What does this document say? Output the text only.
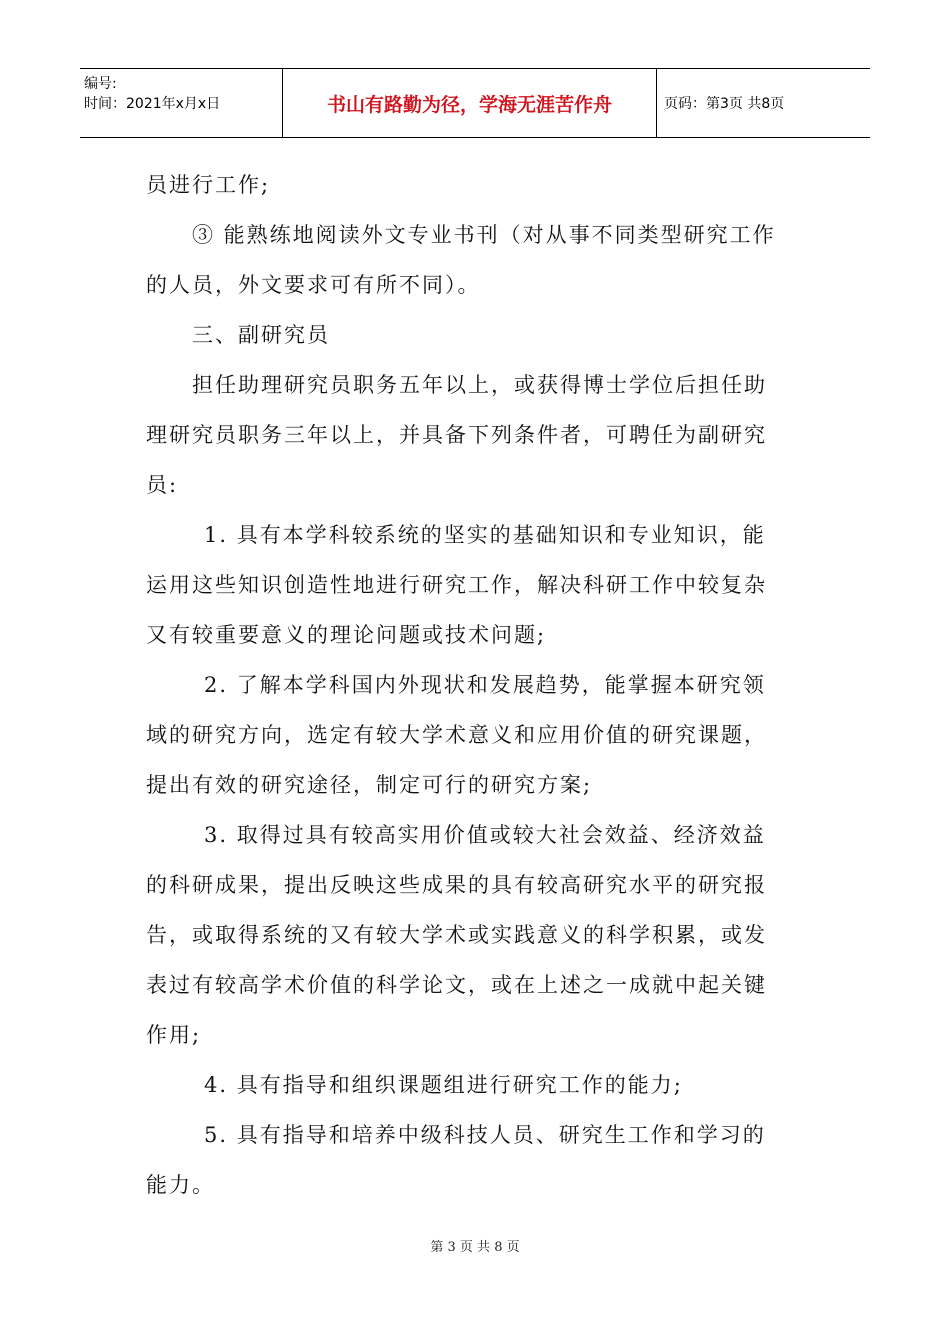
编号:
时间：2021年x月x日	书山有路勤为径，学海无涯苦作舟	页码：第3页 共8页
员进行工作;
③ 能熟练地阅读外文专业书刊（对从事不同类型研究工作
的人员，外文要求可有所不同）。
三、副研究员
担任助理研究员职务五年以上，或获得博士学位后担任助
理研究员职务三年以上，并具备下列条件者，可聘任为副研究
员:
1. 具有本学科较系统的坚实的基础知识和专业知识，能
运用这些知识创造性地进行研究工作，解决科研工作中较复杂
又有较重要意义的理论问题或技术问题;
2. 了解本学科国内外现状和发展趋势，能掌握本研究领
域的研究方向，选定有较大学术意义和应用价值的研究课题，
提出有效的研究途径，制定可行的研究方案;
3. 取得过具有较高实用价值或较大社会效益、经济效益
的科研成果，提出反映这些成果的具有较高研究水平的研究报
告，或取得系统的又有较大学术或实践意义的科学积累，或发
表过有较高学术价值的科学论文，或在上述之一成就中起关键
作用;
4. 具有指导和组织课题组进行研究工作的能力;
5. 具有指导和培养中级科技人员、研究生工作和学习的
能力。
第 3 页 共 8 页
